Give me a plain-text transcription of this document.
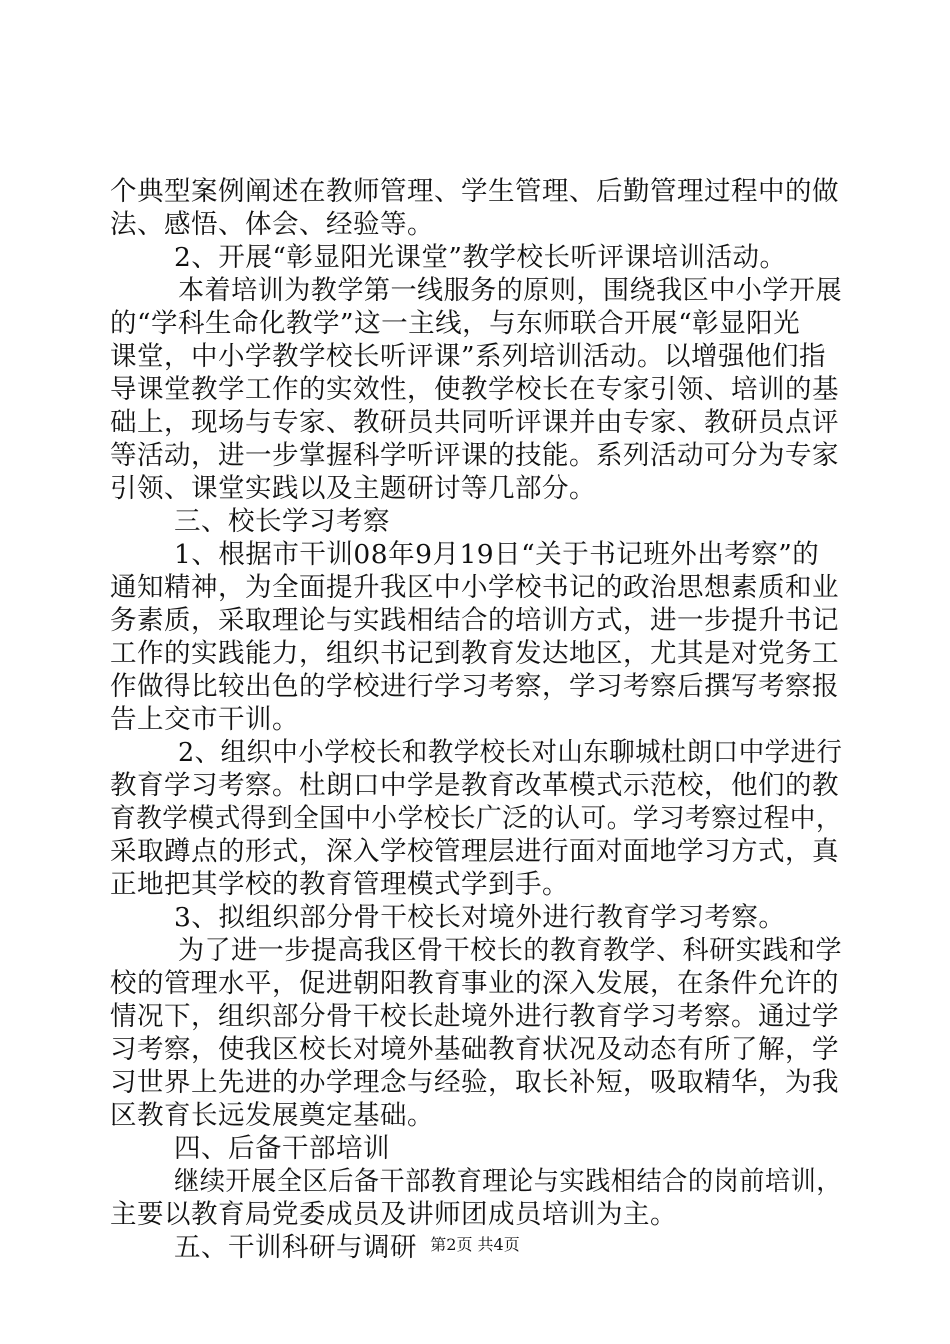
个典型案例阐述在教师管理、学生管理、后勤管理过程中的做
法、感悟、体会、经验等。
2、开展“彰显阳光课堂”教学校长听评课培训活动。
本着培训为教学第一线服务的原则，围绕我区中小学开展
的“学科生命化教学”这一主线，与东师联合开展“彰显阳光
课堂，中小学教学校长听评课”系列培训活动。以增强他们指
导课堂教学工作的实效性，使教学校长在专家引领、培训的基
础上，现场与专家、教研员共同听评课并由专家、教研员点评
等活动，进一步掌握科学听评课的技能。系列活动可分为专家
引领、课堂实践以及主题研讨等几部分。
三、校长学习考察
1、根据市干训08年9月19日“关于书记班外出考察”的
通知精神，为全面提升我区中小学校书记的政治思想素质和业
务素质，采取理论与实践相结合的培训方式，进一步提升书记
工作的实践能力，组织书记到教育发达地区，尤其是对党务工
作做得比较出色的学校进行学习考察，学习考察后撰写考察报
告上交市干训。
2、组织中小学校长和教学校长对山东聊城杜朗口中学进行
教育学习考察。杜朗口中学是教育改革模式示范校，他们的教
育教学模式得到全国中小学校长广泛的认可。学习考察过程中，
采取蹲点的形式，深入学校管理层进行面对面地学习方式，真
正地把其学校的教育管理模式学到手。
3、拟组织部分骨干校长对境外进行教育学习考察。
为了进一步提高我区骨干校长的教育教学、科研实践和学
校的管理水平，促进朝阳教育事业的深入发展，在条件允许的
情况下，组织部分骨干校长赴境外进行教育学习考察。通过学
习考察，使我区校长对境外基础教育状况及动态有所了解，学
习世界上先进的办学理念与经验，取长补短，吸取精华，为我
区教育长远发展奠定基础。
四、后备干部培训
继续开展全区后备干部教育理论与实践相结合的岗前培训，
主要以教育局党委成员及讲师团成员培训为主。
五、干训科研与调研 第2页 共4页
